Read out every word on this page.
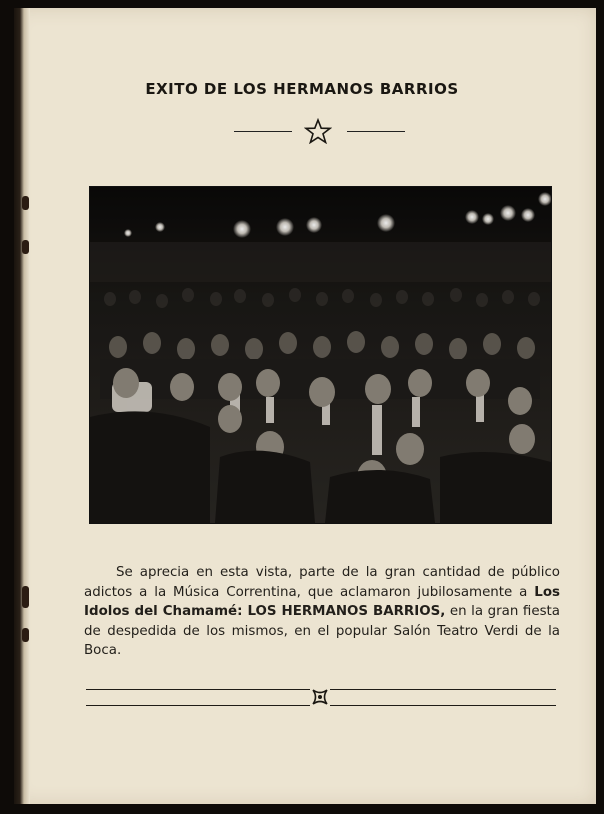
EXITO DE LOS HERMANOS BARRIOS

Se aprecia en esta vista, parte de la gran cantidad de público adictos a la Música Correntina, que aclamaron jubilosamente a Los Idolos del Chamamé: LOS HERMANOS BARRIOS, en la gran fiesta de despedida de los mismos, en el popular Salón Teatro Verdi de la Boca.
